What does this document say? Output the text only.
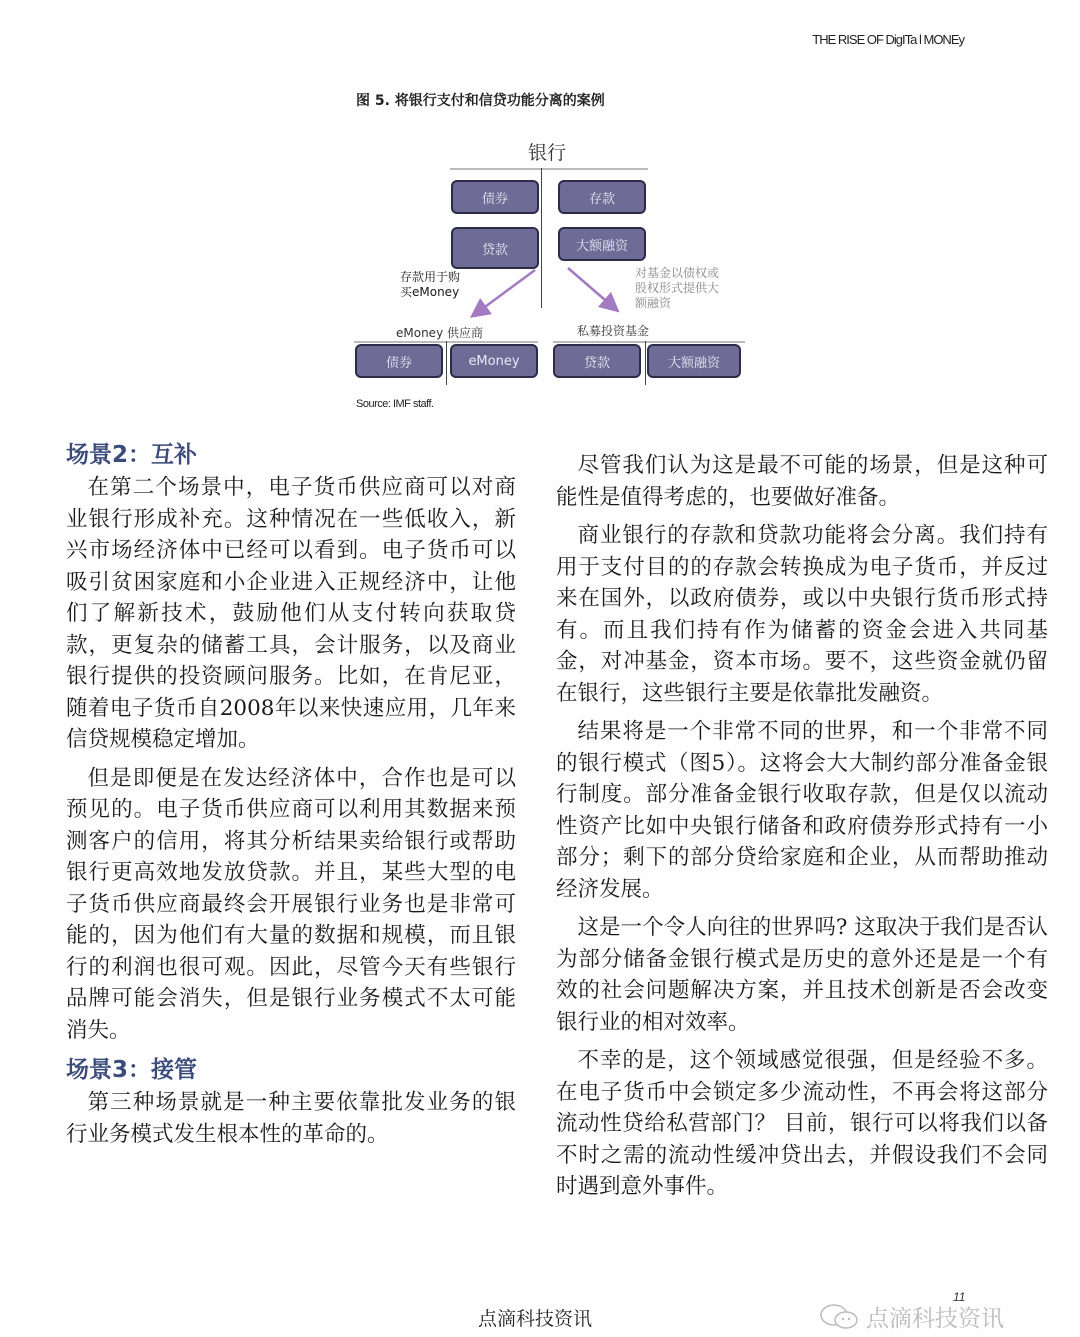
THE RISE OF DigITa l MONEy
图 5. 将银行支付和信贷功能分离的案例
银行
债券	存款
贷款	大额融资
存款用于购
买eMoney
对基金以债权或
股权形式提供大
额融资
eMoney 供应商	私募投资基金
债券	eMoney	贷款	大额融资
Source: IMF staff.
场景2：互补

在第二个场景中，电子货币供应商可以对商业银行形成补充。这种情况在一些低收入，新兴市场经济体中已经可以看到。电子货币可以吸引贫困家庭和小企业进入正规经济中，让他们了解新技术，鼓励他们从支付转向获取贷款，更复杂的储蓄工具，会计服务，以及商业银行提供的投资顾问服务。比如，在肯尼亚，随着电子货币自2008年以来快速应用，几年来信贷规模稳定增加。

但是即便是在发达经济体中，合作也是可以预见的。电子货币供应商可以利用其数据来预测客户的信用，将其分析结果卖给银行或帮助银行更高效地发放贷款。并且，某些大型的电子货币供应商最终会开展银行业务也是非常可能的，因为他们有大量的数据和规模，而且银行的利润也很可观。因此，尽管今天有些银行品牌可能会消失，但是银行业务模式不太可能消失。

场景3：接管

第三种场景就是一种主要依靠批发业务的银行业务模式发生根本性的革命的。

尽管我们认为这是最不可能的场景，但是这种可能性是值得考虑的，也要做好准备。

商业银行的存款和贷款功能将会分离。我们持有用于支付目的的存款会转换成为电子货币，并反过来在国外，以政府债券，或以中央银行货币形式持有。而且我们持有作为储蓄的资金会进入共同基金，对冲基金，资本市场。要不，这些资金就仍留在银行，这些银行主要是依靠批发融资。

结果将是一个非常不同的世界，和一个非常不同的银行模式（图5）。这将会大大制约部分准备金银行制度。部分准备金银行收取存款，但是仅以流动性资产比如中央银行储备和政府债券形式持有一小部分；剩下的部分贷给家庭和企业，从而帮助推动经济发展。

这是一个令人向往的世界吗? 这取决于我们是否认为部分储备金银行模式是历史的意外还是是一个有效的社会问题解决方案，并且技术创新是否会改变银行业的相对效率。

不幸的是，这个领域感觉很强，但是经验不多。在电子货币中会锁定多少流动性，不再会将这部分流动性贷给私营部门？ 目前，银行可以将我们以备不时之需的流动性缓冲贷出去，并假设我们不会同时遇到意外事件。

点滴科技资讯
11
点滴科技资讯
